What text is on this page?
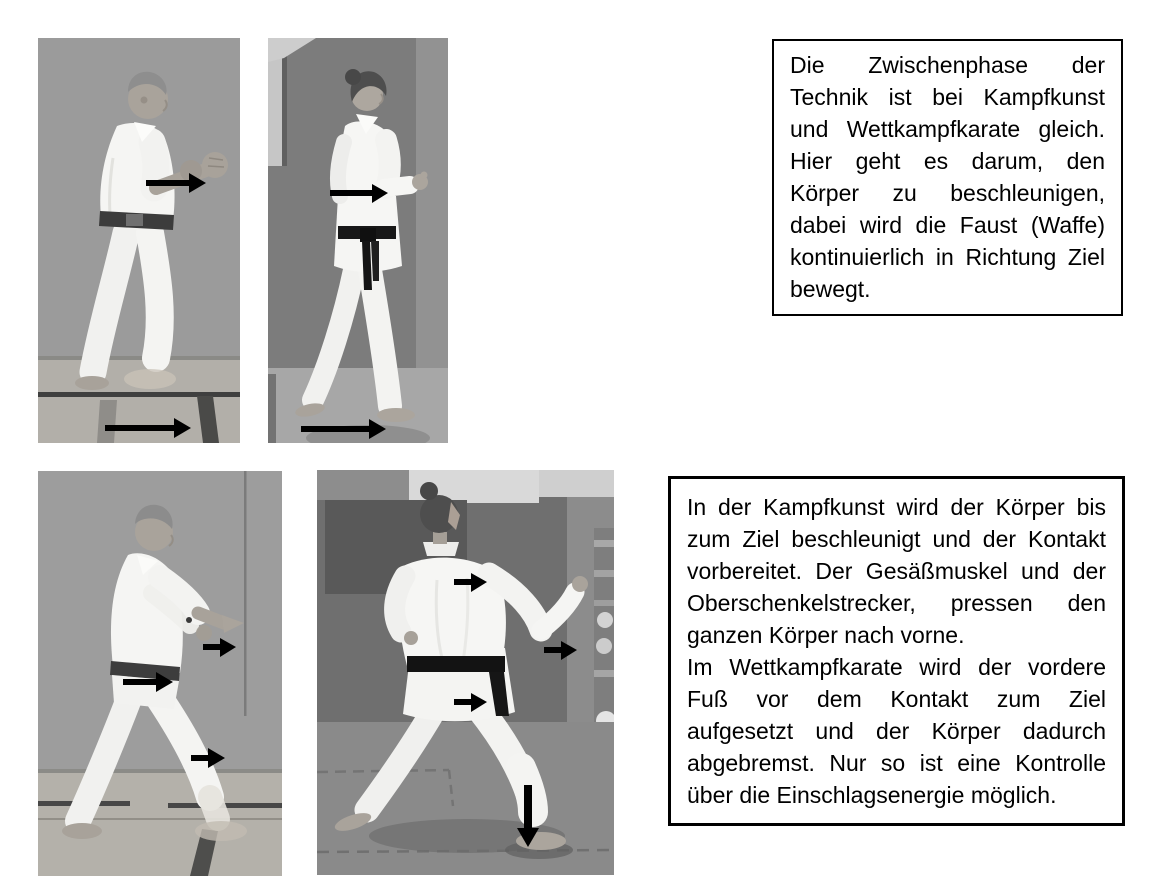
Die Zwischenphase der Technik ist bei Kampfkunst und Wettkampfkarate gleich. Hier geht es darum, den Körper zu beschleunigen, dabei wird die Faust (Waffe) kontinuierlich in Richtung Ziel bewegt.

In der Kampfkunst wird der Körper bis zum Ziel beschleunigt und der Kontakt vorbereitet. Der Gesäßmuskel und der Oberschenkelstrecker, pressen den ganzen Körper nach vorne.

Im Wettkampfkarate wird der vordere Fuß vor dem Kontakt zum Ziel aufgesetzt und der Körper dadurch abgebremst. Nur so ist eine Kontrolle über die Einschlagsenergie möglich.
